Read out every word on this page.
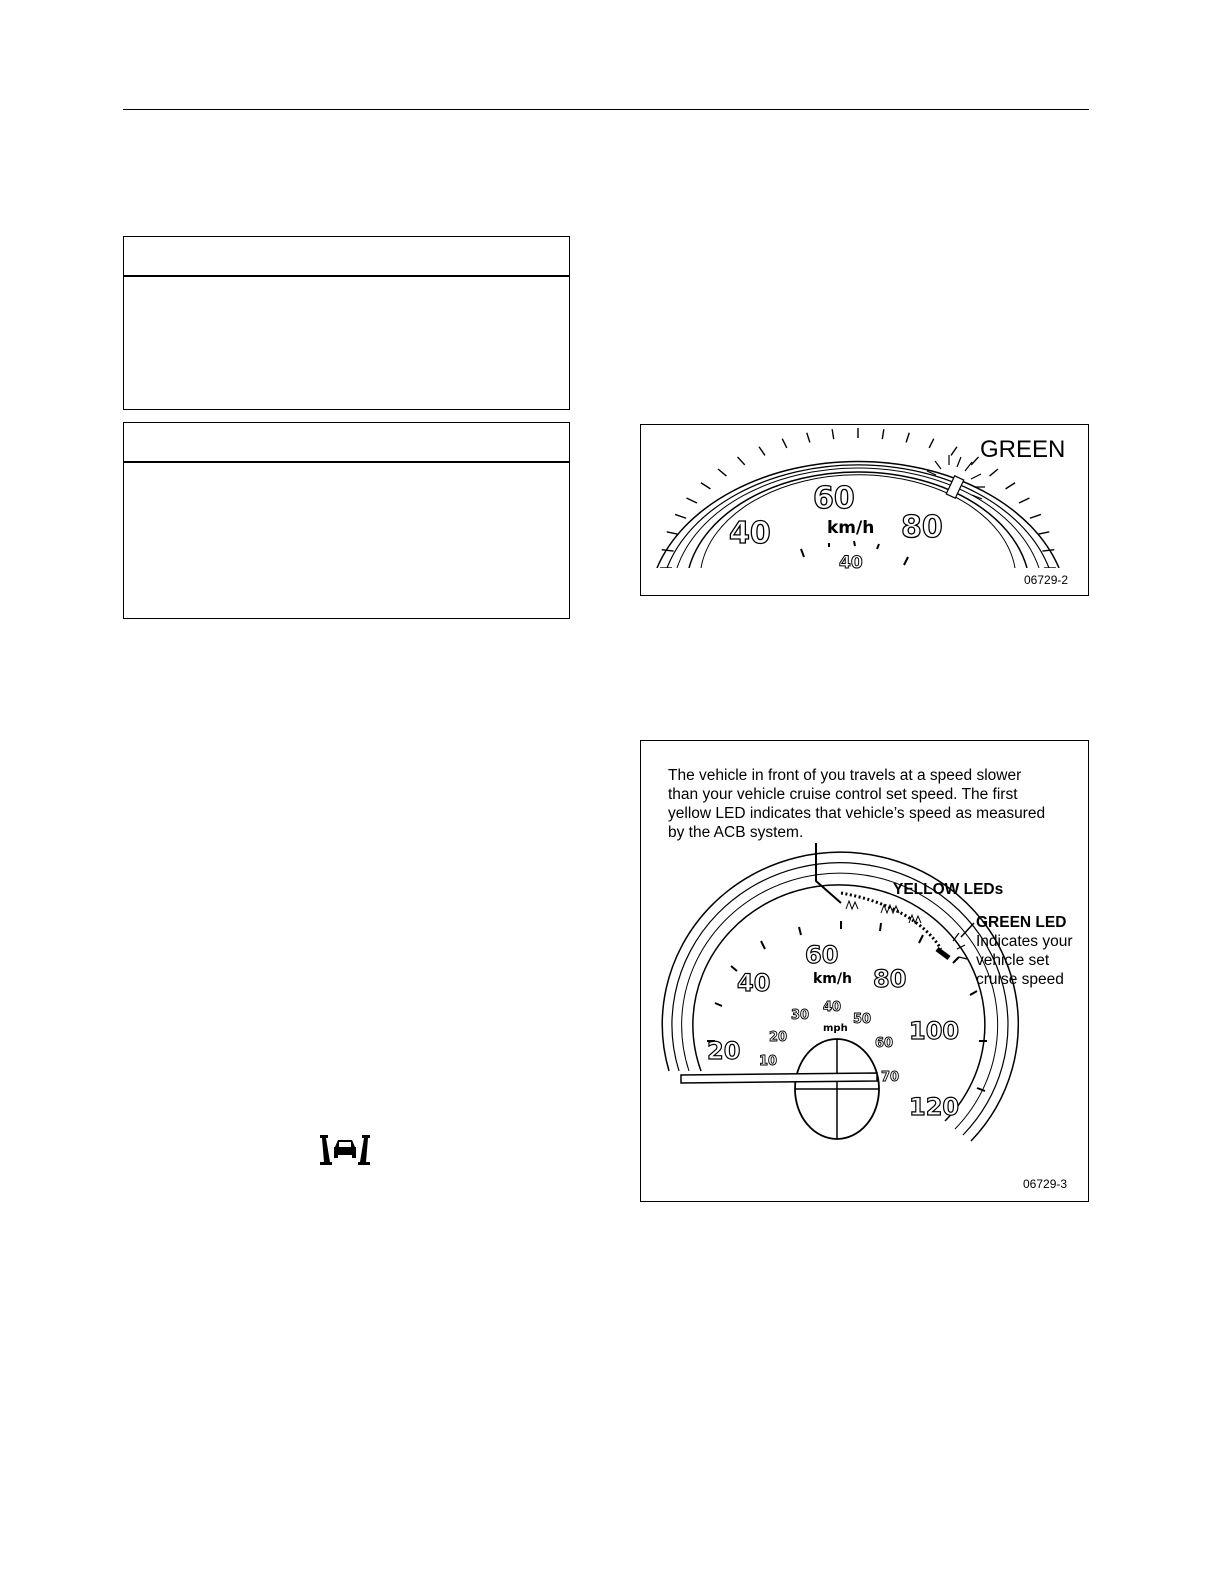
GREEN
40
60
80
km/h
40
06729-2
The vehicle in front of you travels at a speed slower
than your vehicle cruise control set speed. The first
yellow LED indicates that vehicle’s speed as measured
by the ACB system.
20
40
60
80
100
120
km/h
10
20
30
40
50
60
70
mph
YELLOW LEDs
GREEN LED
Indicates your
vehicle set
cruise speed
06729-3
